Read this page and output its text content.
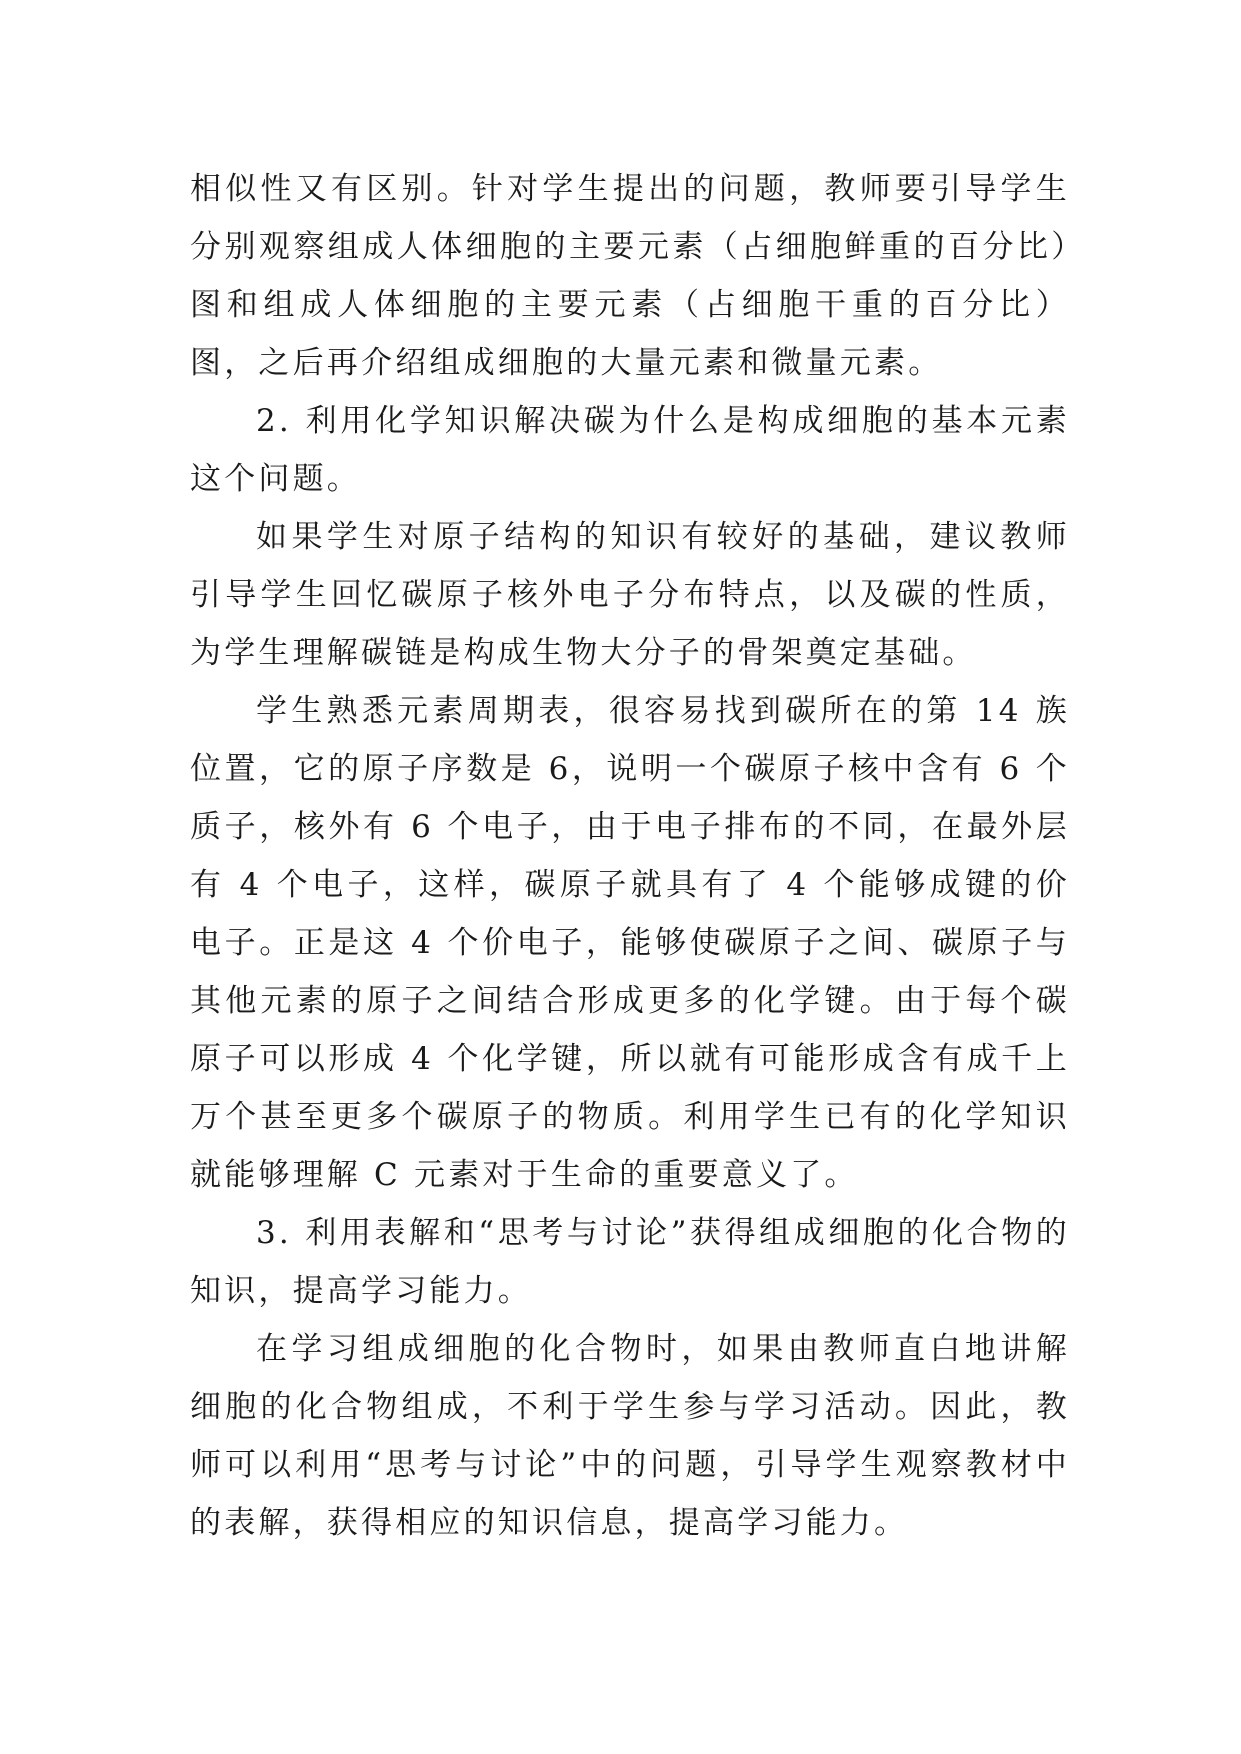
相似性又有区别。针对学生提出的问题，教师要引导学生分别观察组成人体细胞的主要元素（占细胞鲜重的百分比）图和组成人体细胞的主要元素（占细胞干重的百分比）图，之后再介绍组成细胞的大量元素和微量元素。

2. 利用化学知识解决碳为什么是构成细胞的基本元素这个问题。

如果学生对原子结构的知识有较好的基础，建议教师引导学生回忆碳原子核外电子分布特点，以及碳的性质，为学生理解碳链是构成生物大分子的骨架奠定基础。

学生熟悉元素周期表，很容易找到碳所在的第 14 族位置，它的原子序数是 6，说明一个碳原子核中含有 6 个质子，核外有 6 个电子，由于电子排布的不同，在最外层有 4 个电子，这样，碳原子就具有了 4 个能够成键的价电子。正是这 4 个价电子，能够使碳原子之间、碳原子与其他元素的原子之间结合形成更多的化学键。由于每个碳原子可以形成 4 个化学键，所以就有可能形成含有成千上万个甚至更多个碳原子的物质。利用学生已有的化学知识就能够理解 C 元素对于生命的重要意义了。

3. 利用表解和“思考与讨论”获得组成细胞的化合物的知识，提高学习能力。

在学习组成细胞的化合物时，如果由教师直白地讲解细胞的化合物组成，不利于学生参与学习活动。因此，教师可以利用“思考与讨论”中的问题，引导学生观察教材中的表解，获得相应的知识信息，提高学习能力。
